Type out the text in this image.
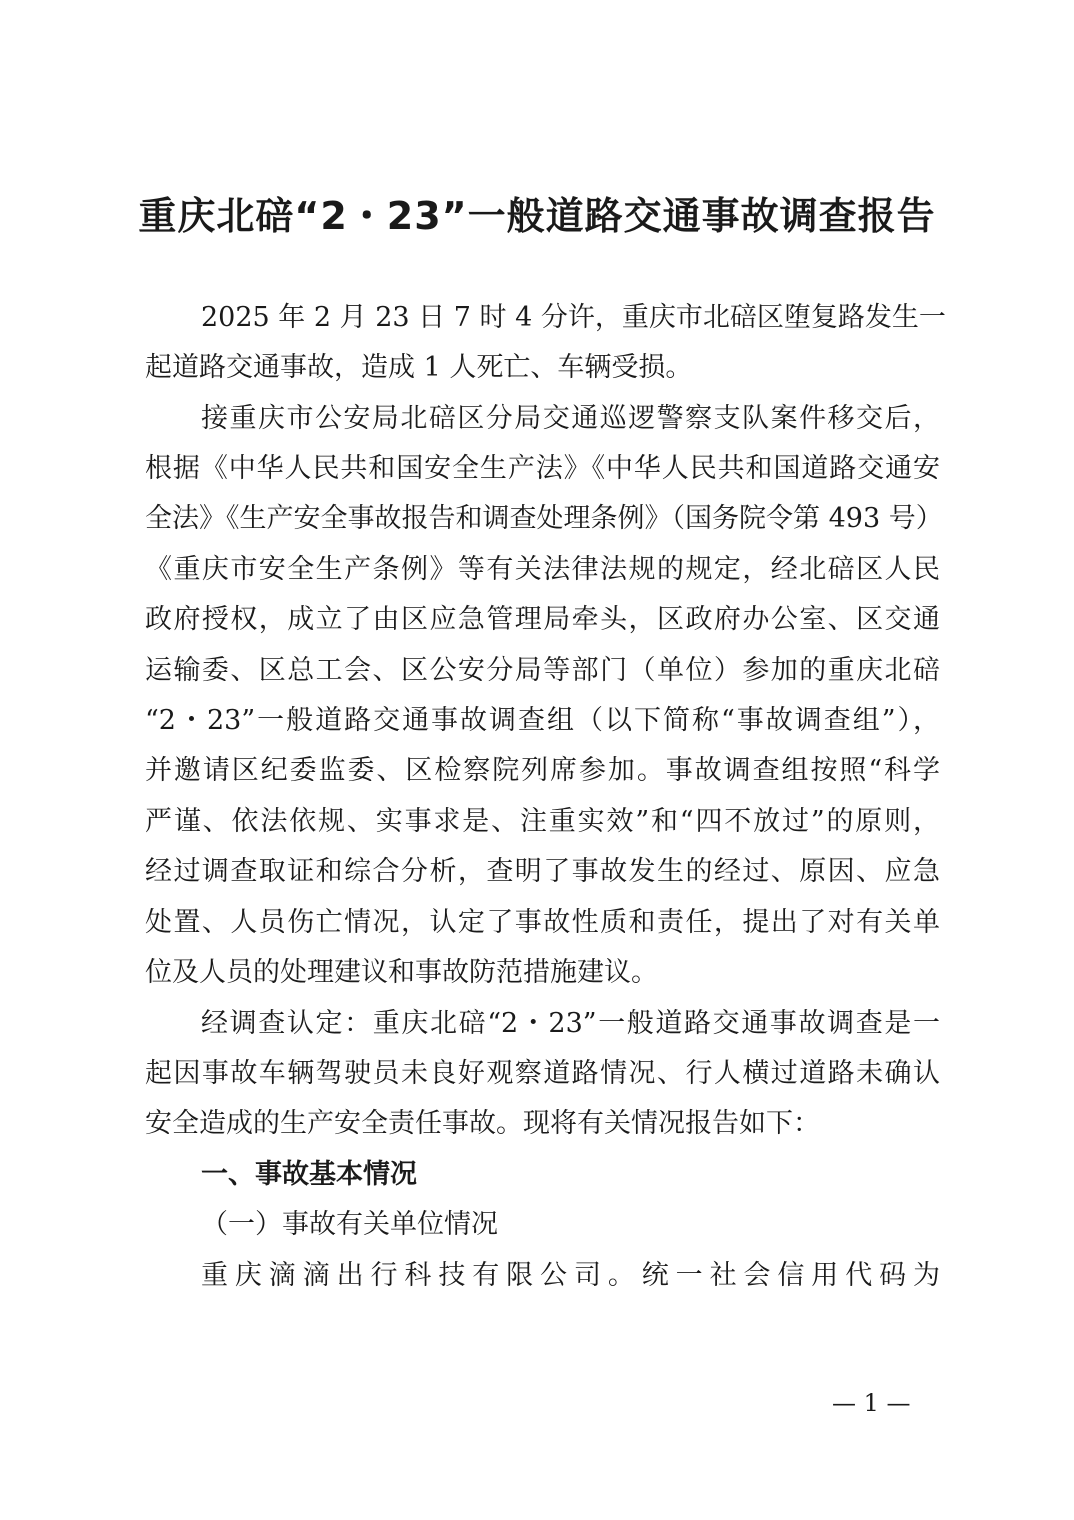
重庆北碚“2・23”一般道路交通事故调查报告

2025 年 2 月 23 日 7 时 4 分许，重庆市北碚区堕复路发生一

起道路交通事故，造成 1 人死亡、车辆受损。

接重庆市公安局北碚区分局交通巡逻警察支队案件移交后，

根据《中华人民共和国安全生产法》《中华人民共和国道路交通安

全法》《生产安全事故报告和调查处理条例》（国务院令第 493 号）

《重庆市安全生产条例》等有关法律法规的规定，经北碚区人民

政府授权，成立了由区应急管理局牵头，区政府办公室、区交通

运输委、区总工会、区公安分局等部门（单位）参加的重庆北碚

“2・23”一般道路交通事故调查组（以下简称“事故调查组”），

并邀请区纪委监委、区检察院列席参加。事故调查组按照“科学

严谨、依法依规、实事求是、注重实效”和“四不放过”的原则，

经过调查取证和综合分析，查明了事故发生的经过、原因、应急

处置、人员伤亡情况，认定了事故性质和责任，提出了对有关单

位及人员的处理建议和事故防范措施建议。

经调查认定：重庆北碚“2・23”一般道路交通事故调查是一

起因事故车辆驾驶员未良好观察道路情况、行人横过道路未确认

安全造成的生产安全责任事故。现将有关情况报告如下：

一、事故基本情况

（一）事故有关单位情况

重庆滴滴出行科技有限公司。统一社会信用代码为

— 1 —
